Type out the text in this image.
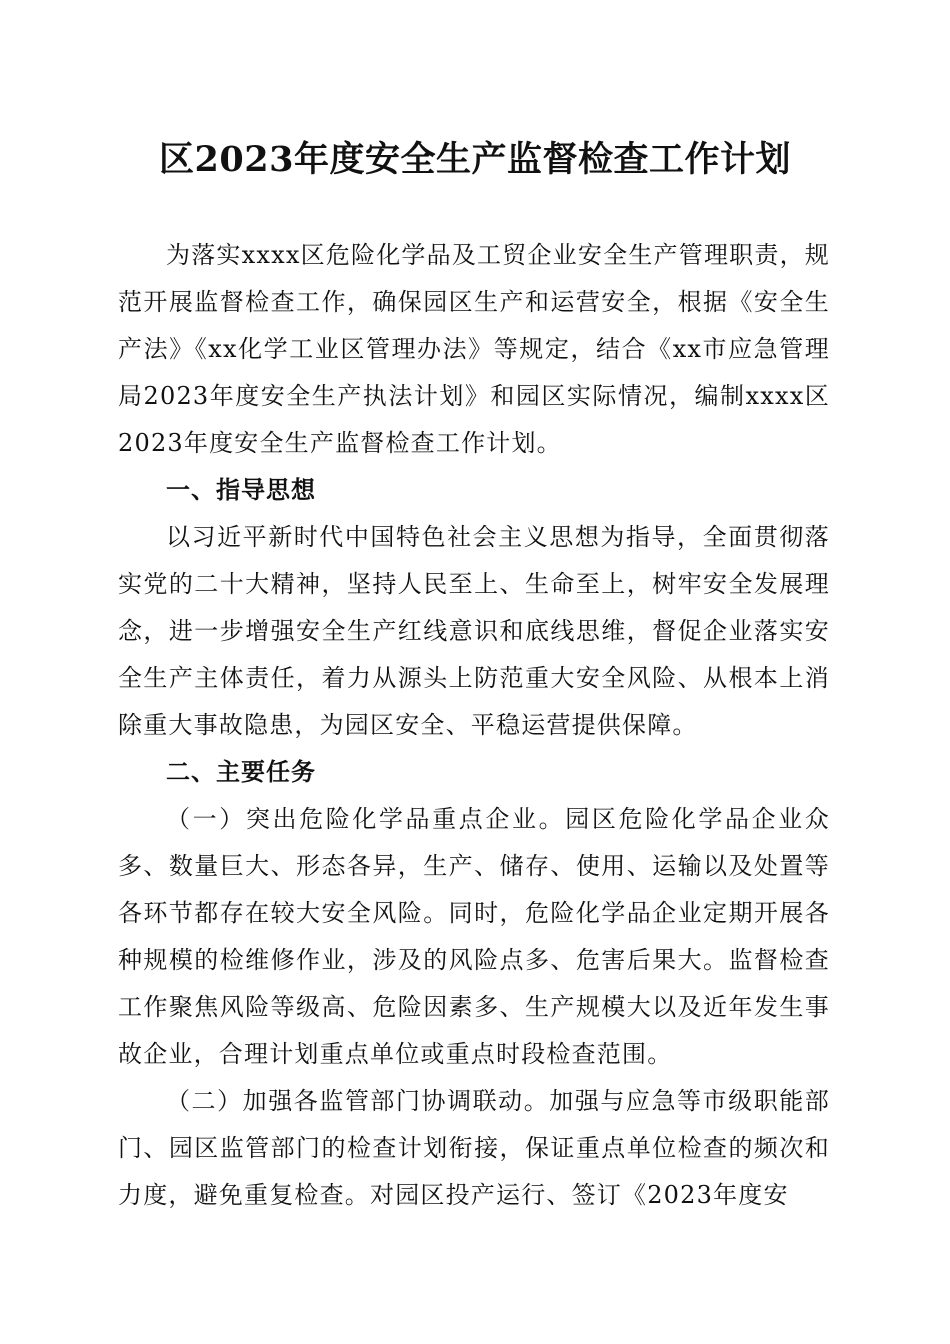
区2023年度安全生产监督检查工作计划

为落实xxxx区危险化学品及工贸企业安全生产管理职责，规范开展监督检查工作，确保园区生产和运营安全，根据《安全生产法》《xx化学工业区管理办法》等规定，结合《xx市应急管理局2023年度安全生产执法计划》和园区实际情况，编制xxxx区2023年度安全生产监督检查工作计划。

一、指导思想

以习近平新时代中国特色社会主义思想为指导，全面贯彻落实党的二十大精神，坚持人民至上、生命至上，树牢安全发展理念，进一步增强安全生产红线意识和底线思维，督促企业落实安全生产主体责任，着力从源头上防范重大安全风险、从根本上消除重大事故隐患，为园区安全、平稳运营提供保障。

二、主要任务

（一）突出危险化学品重点企业。园区危险化学品企业众多、数量巨大、形态各异，生产、储存、使用、运输以及处置等各环节都存在较大安全风险。同时，危险化学品企业定期开展各种规模的检维修作业，涉及的风险点多、危害后果大。监督检查工作聚焦风险等级高、危险因素多、生产规模大以及近年发生事故企业，合理计划重点单位或重点时段检查范围。

（二）加强各监管部门协调联动。加强与应急等市级职能部门、园区监管部门的检查计划衔接，保证重点单位检查的频次和力度，避免重复检查。对园区投产运行、签订《2023年度安
